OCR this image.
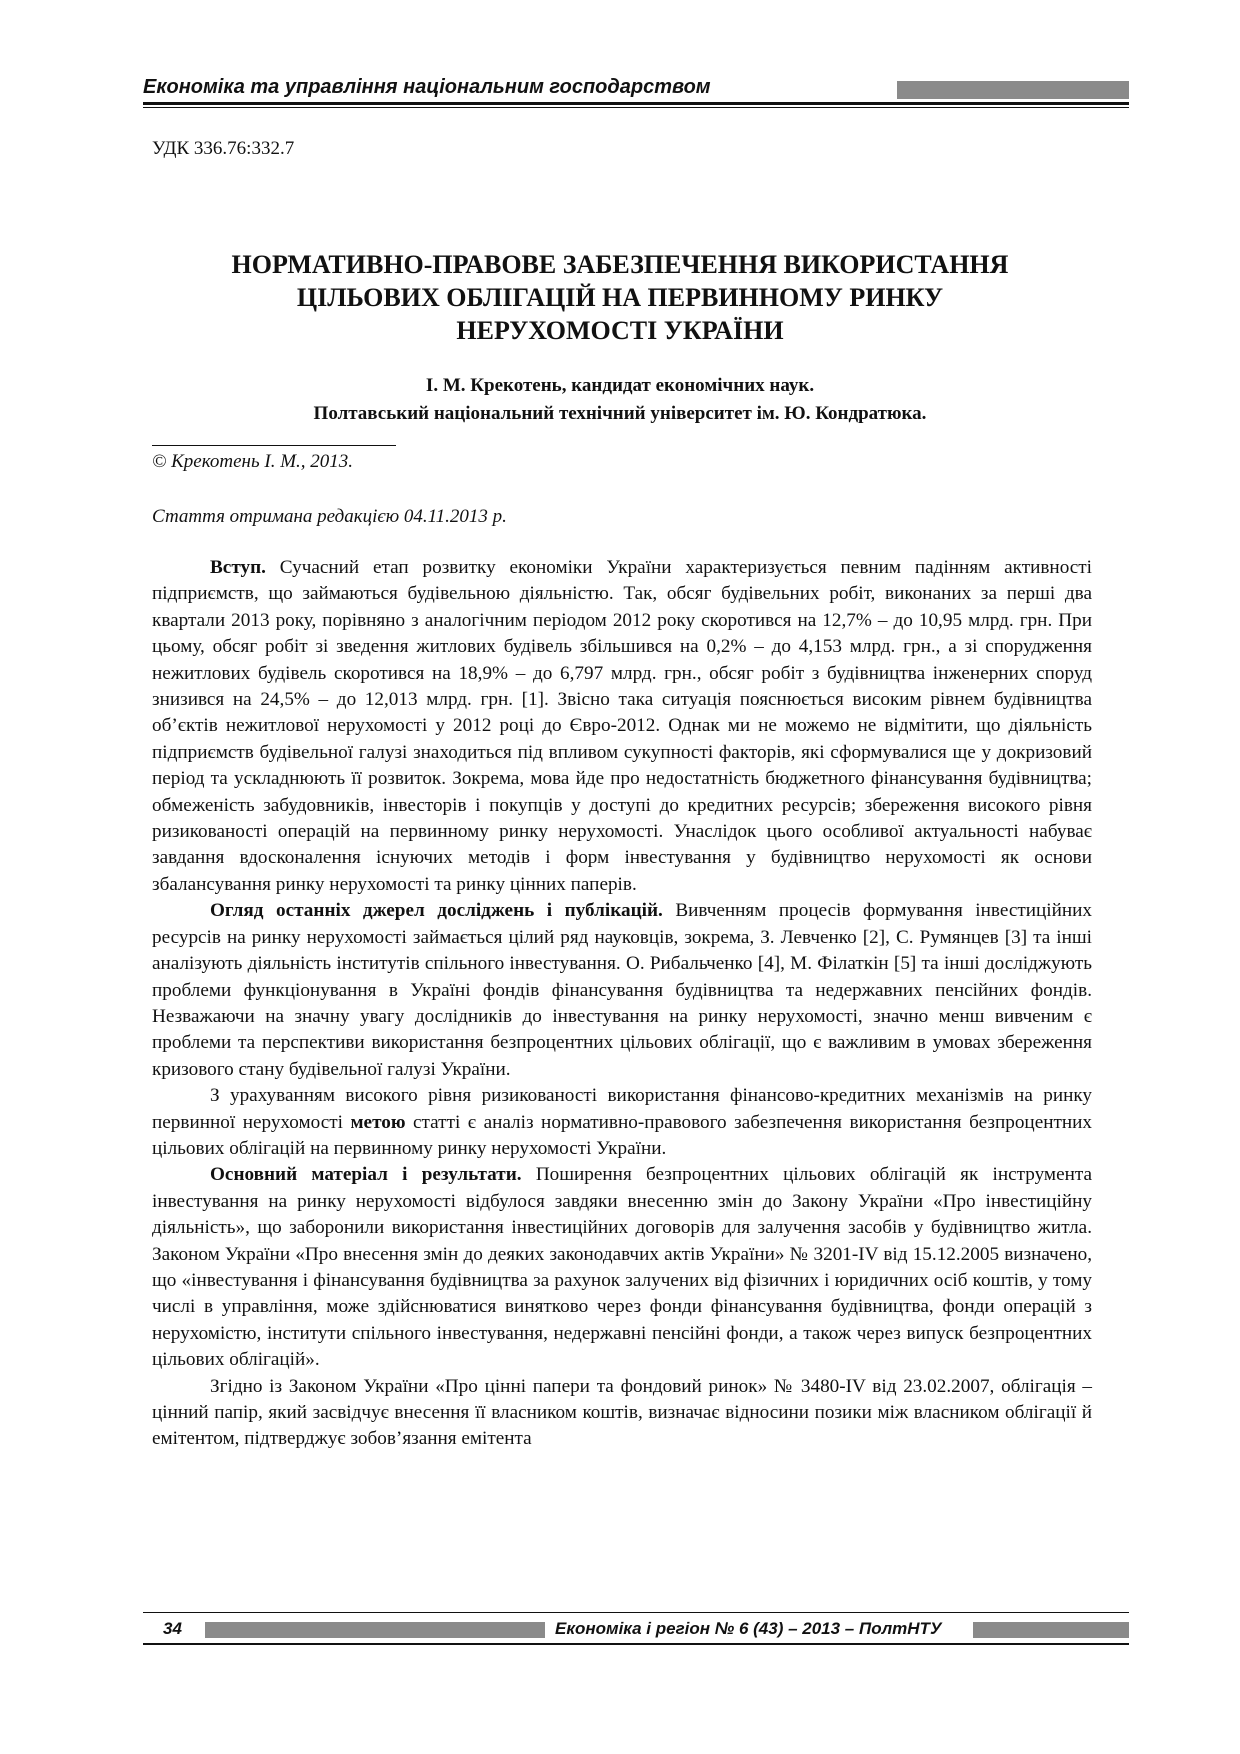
Економіка та управління національним господарством
УДК 336.76:332.7
НОРМАТИВНО-ПРАВОВЕ ЗАБЕЗПЕЧЕННЯ ВИКОРИСТАННЯ
ЦІЛЬОВИХ ОБЛІГАЦІЙ НА ПЕРВИННОМУ РИНКУ
НЕРУХОМОСТІ УКРАЇНИ
І. М. Крекотень, кандидат економічних наук.
Полтавський національний технічний університет ім. Ю. Кондратюка.
© Крекотень І. М., 2013.
Стаття отримана редакцією 04.11.2013 р.

Вступ. Сучасний етап розвитку економіки України характеризується певним падінням активності підприємств, що займаються будівельною діяльністю. Так, обсяг будівельних робіт, виконаних за перші два квартали 2013 року, порівняно з аналогічним періодом 2012 року скоротився на 12,7% – до 10,95 млрд. грн. При цьому, обсяг робіт зі зведення житлових будівель збільшився на 0,2% – до 4,153 млрд. грн., а зі спорудження нежитлових будівель скоротився на 18,9% – до 6,797 млрд. грн., обсяг робіт з будівництва інженерних споруд знизився на 24,5% – до 12,013 млрд. грн. [1]. Звісно така ситуація пояснюється високим рівнем будівництва об’єктів нежитлової нерухомості у 2012 році до Євро-2012. Однак ми не можемо не відмітити, що діяльність підприємств будівельної галузі знаходиться під впливом сукупності факторів, які сформувалися ще у докризовий період та ускладнюють її розвиток. Зокрема, мова йде про недостатність бюджетного фінансування будівництва; обмеженість забудовників, інвесторів і покупців у доступі до кредитних ресурсів; збереження високого рівня ризикованості операцій на первинному ринку нерухомості. Унаслідок цього особливої актуальності набуває завдання вдосконалення існуючих методів і форм інвестування у будівництво нерухомості як основи збалансування ринку нерухомості та ринку цінних паперів.

Огляд останніх джерел досліджень і публікацій. Вивченням процесів формування інвестиційних ресурсів на ринку нерухомості займається цілий ряд науковців, зокрема, З. Левченко [2], С. Румянцев [3] та інші аналізують діяльність інститутів спільного інвестування. О. Рибальченко [4], М. Філаткін [5] та інші досліджують проблеми функціонування в Україні фондів фінансування будівництва та недержавних пенсійних фондів. Незважаючи на значну увагу дослідників до інвестування на ринку нерухомості, значно менш вивченим є проблеми та перспективи використання безпроцентних цільових облігації, що є важливим в умовах збереження кризового стану будівельної галузі України.

З урахуванням високого рівня ризикованості використання фінансово-кредитних механізмів на ринку первинної нерухомості метою статті є аналіз нормативно-правового забезпечення використання безпроцентних цільових облігацій на первинному ринку нерухомості України.

Основний матеріал і результати. Поширення безпроцентних цільових облігацій як інструмента інвестування на ринку нерухомості відбулося завдяки внесенню змін до Закону України «Про інвестиційну діяльність», що заборонили використання інвестиційних договорів для залучення засобів у будівництво житла. Законом України «Про внесення змін до деяких законодавчих актів України» № 3201-IV від 15.12.2005 визначено, що «інвестування і фінансування будівництва за рахунок залучених від фізичних і юридичних осіб коштів, у тому числі в управління, може здійснюватися винятково через фонди фінансування будівництва, фонди операцій з нерухомістю, інститути спільного інвестування, недержавні пенсійні фонди, а також через випуск безпроцентних цільових облігацій».

Згідно із Законом України «Про цінні папери та фондовий ринок» № 3480-IV від 23.02.2007, облігація – цінний папір, який засвідчує внесення її власником коштів, визначає відносини позики між власником облігації й емітентом, підтверджує зобов’язання емітента

34	Економіка і регіон № 6 (43) – 2013 – ПолтНТУ
